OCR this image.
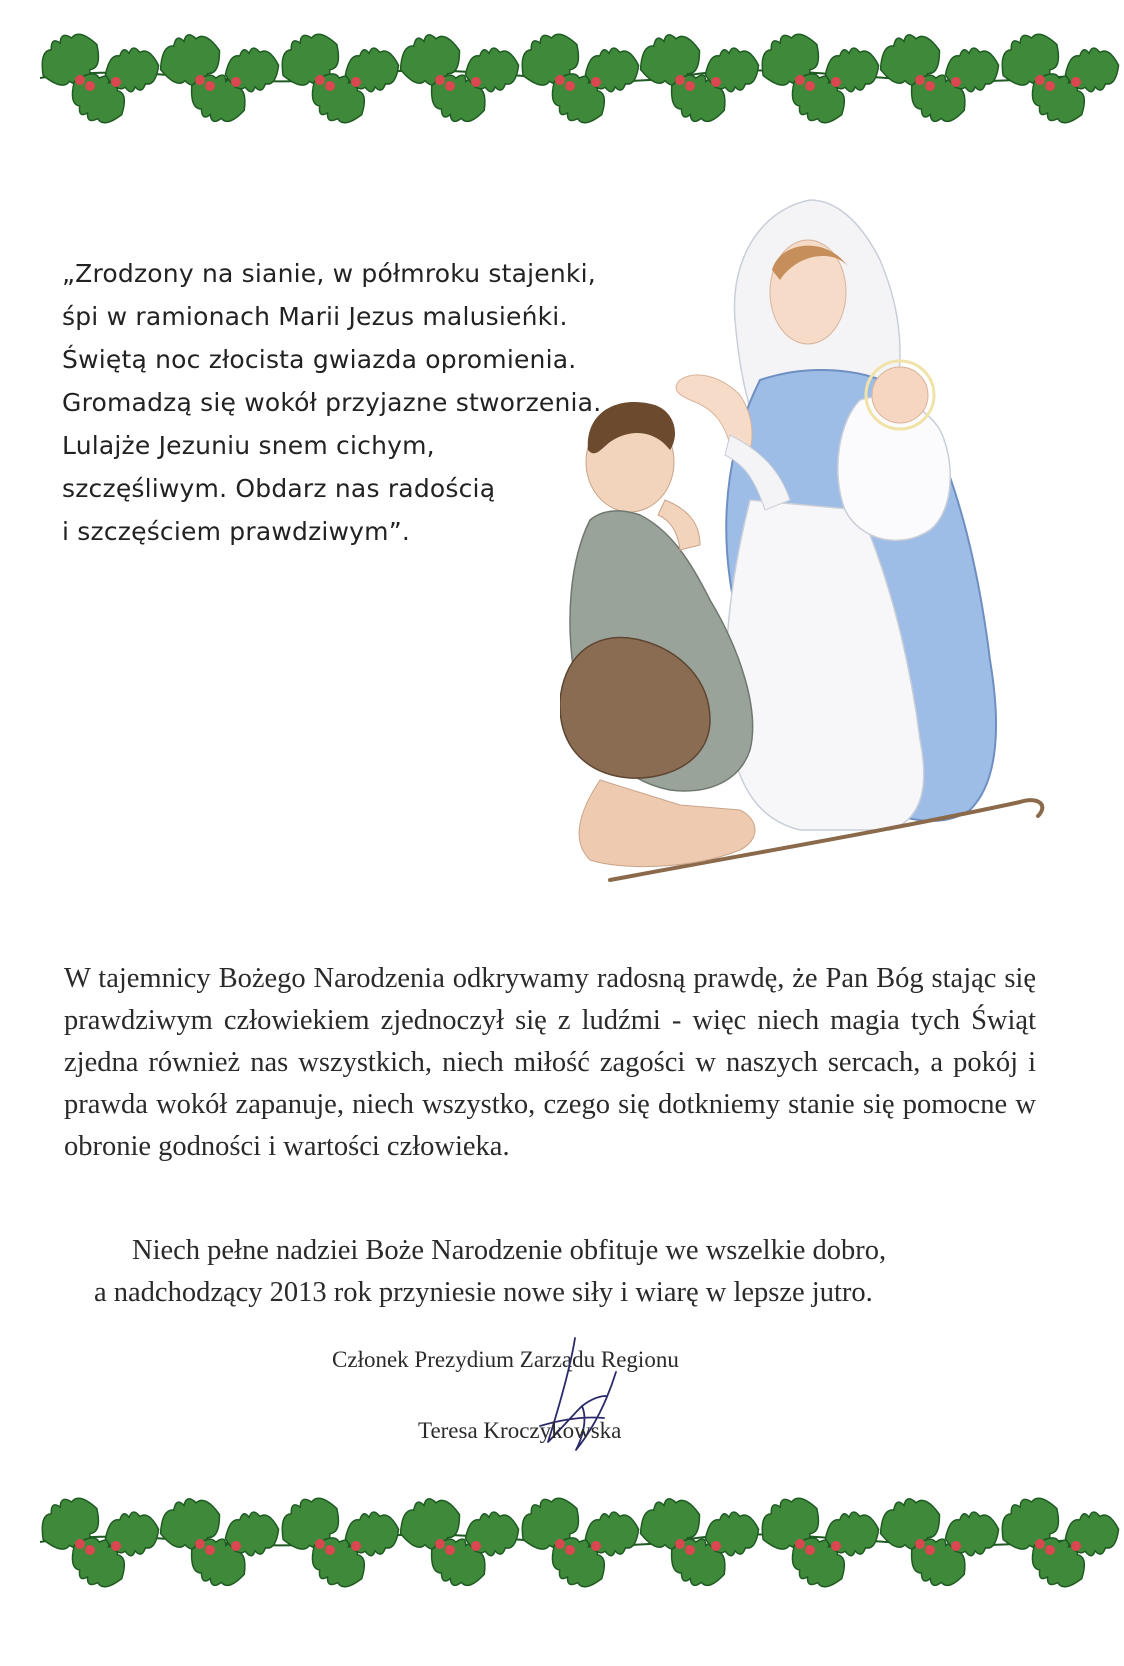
„Zrodzony na sianie, w półmroku stajenki,
śpi w ramionach Marii Jezus malusieńki.
Świętą noc złocista gwiazda opromienia.
Gromadzą się wokół przyjazne stworzenia.
Lulajże Jezuniu snem cichym,
szczęśliwym. Obdarz nas radością
i szczęściem prawdziwym”.
W tajemnicy Bożego Narodzenia odkrywamy radosną prawdę, że Pan Bóg stając się prawdziwym człowiekiem zjednoczył się z ludźmi - więc niech magia tych Świąt zjedna również nas wszystkich, niech miłość zagości w naszych sercach, a pokój i prawda wokół zapanuje, niech wszystko, czego się dotkniemy stanie się pomocne w obronie godności i wartości człowieka.
Niech pełne nadziei Boże Narodzenie obfituje we wszelkie dobro,
a nadchodzący 2013 rok przyniesie nowe siły i wiarę w lepsze jutro.
Członek Prezydium Zarządu Regionu
Teresa Kroczykowska
